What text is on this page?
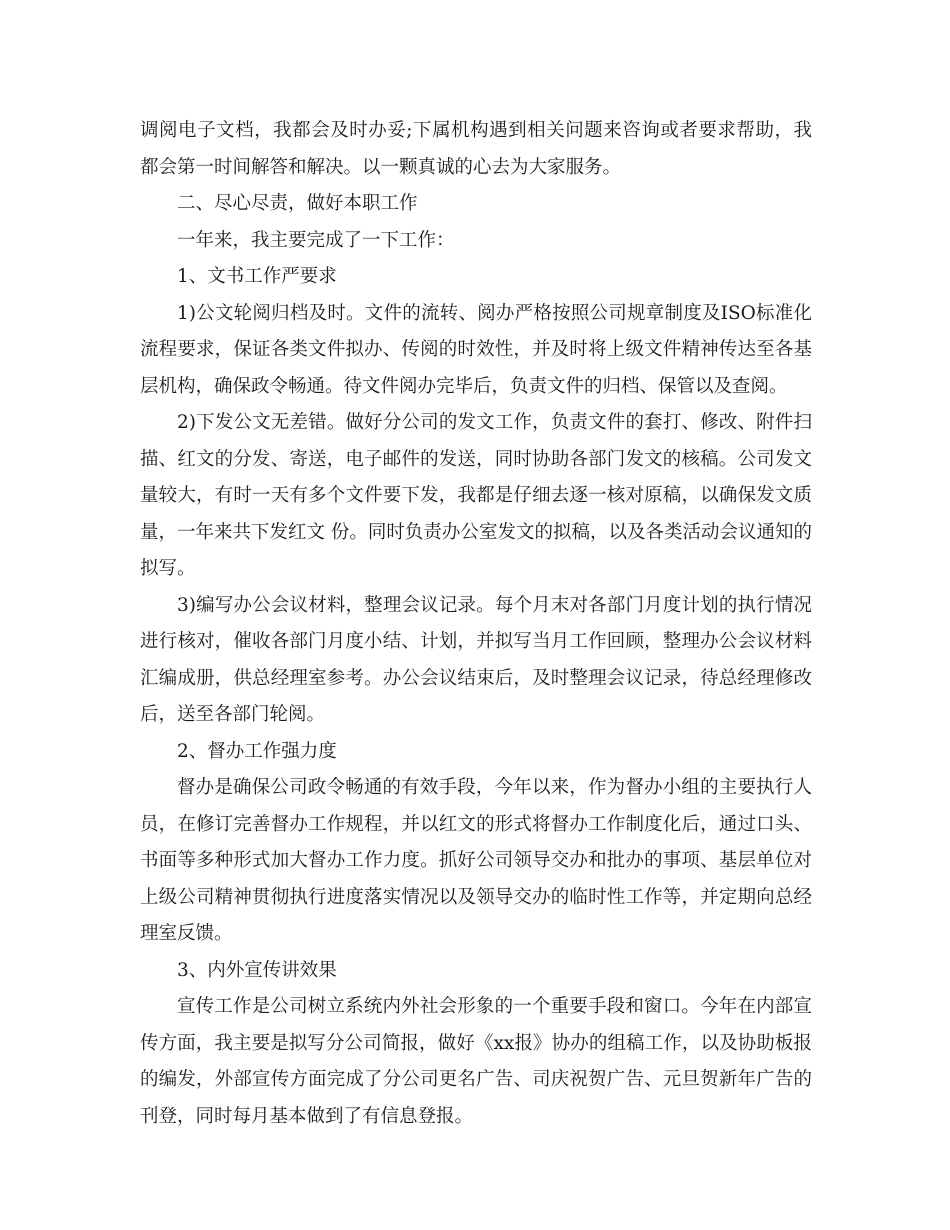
调阅电子文档，我都会及时办妥;下属机构遇到相关问题来咨询或者要求帮助，我都会第一时间解答和解决。以一颗真诚的心去为大家服务。

二、尽心尽责，做好本职工作

一年来，我主要完成了一下工作：

1、文书工作严要求

1)公文轮阅归档及时。文件的流转、阅办严格按照公司规章制度及ISO标准化流程要求，保证各类文件拟办、传阅的时效性，并及时将上级文件精神传达至各基层机构，确保政令畅通。待文件阅办完毕后，负责文件的归档、保管以及查阅。

2)下发公文无差错。做好分公司的发文工作，负责文件的套打、修改、附件扫描、红文的分发、寄送，电子邮件的发送，同时协助各部门发文的核稿。公司发文量较大，有时一天有多个文件要下发，我都是仔细去逐一核对原稿，以确保发文质量，一年来共下发红文 份。同时负责办公室发文的拟稿，以及各类活动会议通知的拟写。

3)编写办公会议材料，整理会议记录。每个月末对各部门月度计划的执行情况进行核对，催收各部门月度小结、计划，并拟写当月工作回顾，整理办公会议材料汇编成册，供总经理室参考。办公会议结束后，及时整理会议记录，待总经理修改后，送至各部门轮阅。

2、督办工作强力度

督办是确保公司政令畅通的有效手段，今年以来，作为督办小组的主要执行人员，在修订完善督办工作规程，并以红文的形式将督办工作制度化后，通过口头、书面等多种形式加大督办工作力度。抓好公司领导交办和批办的事项、基层单位对上级公司精神贯彻执行进度落实情况以及领导交办的临时性工作等，并定期向总经理室反馈。

3、内外宣传讲效果

宣传工作是公司树立系统内外社会形象的一个重要手段和窗口。今年在内部宣传方面，我主要是拟写分公司简报，做好《xx报》协办的组稿工作，以及协助板报的编发，外部宣传方面完成了分公司更名广告、司庆祝贺广告、元旦贺新年广告的刊登，同时每月基本做到了有信息登报。
